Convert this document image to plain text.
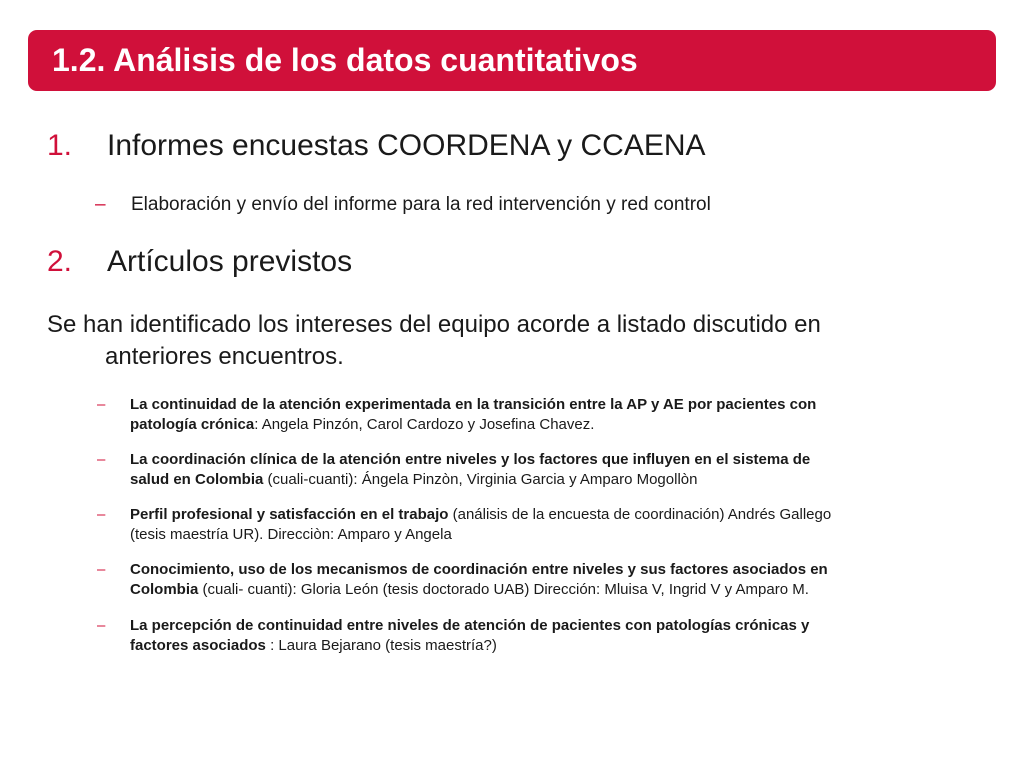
1.2. Análisis de los datos cuantitativos
1. Informes encuestas COORDENA y CCAENA
– Elaboración y envío del informe para la red intervención y red control
2. Artículos previstos
Se han identificado los intereses del equipo acorde a listado discutido en
anteriores encuentros.
– La continuidad de la atención experimentada en la transición entre la AP y AE por pacientes con
patología crónica: Angela Pinzón, Carol Cardozo y Josefina Chavez.
– La coordinación clínica de la atención entre niveles y los factores que influyen en el sistema de
salud en Colombia (cuali-cuanti): Ángela Pinzòn, Virginia Garcia y Amparo Mogollòn
– Perfil profesional y satisfacción en el trabajo (análisis de la encuesta de coordinación) Andrés Gallego
(tesis maestría UR). Direcciòn: Amparo y Angela
– Conocimiento, uso de los mecanismos de coordinación entre niveles y sus factores asociados en
Colombia (cuali- cuanti): Gloria León (tesis doctorado UAB) Dirección: Mluisa V, Ingrid V y Amparo M.
– La percepción de continuidad entre niveles de atención de pacientes con patologías crónicas y
factores asociados : Laura Bejarano (tesis maestría?)
